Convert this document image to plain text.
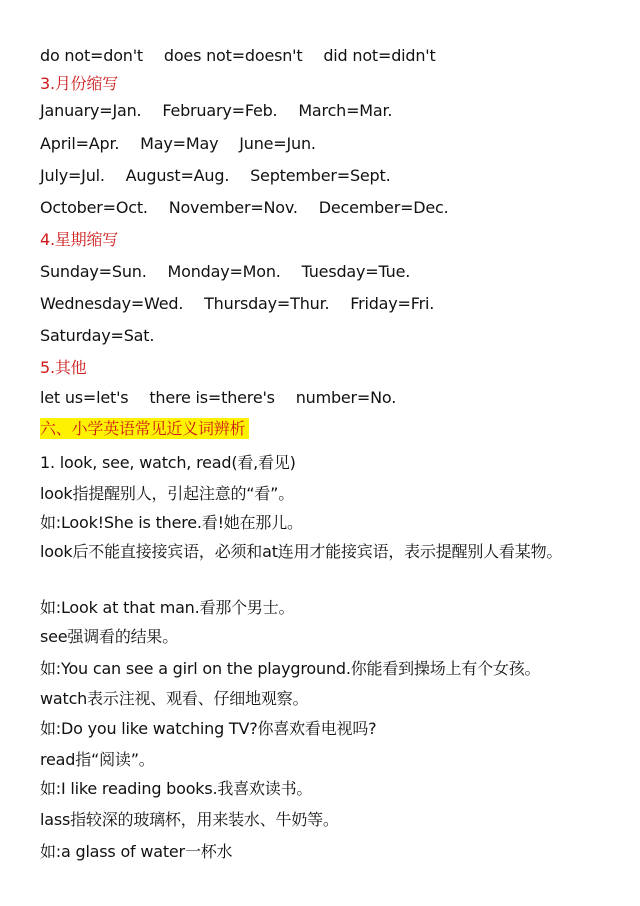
do not=don't does not=doesn't did not=didn't
3.月份缩写
January=Jan. February=Feb. March=Mar.
April=Apr. May=May June=Jun.
July=Jul. August=Aug. September=Sept.
October=Oct. November=Nov. December=Dec.
4.星期缩写
Sunday=Sun. Monday=Mon. Tuesday=Tue.
Wednesday=Wed. Thursday=Thur. Friday=Fri.
Saturday=Sat.
5.其他
let us=let's there is=there's number=No.
六、小学英语常见近义词辨析
1. look, see, watch, read(看,看见)
look指提醒别人，引起注意的“看”。
如:Look!She is there.看!她在那儿。
look后不能直接接宾语，必须和at连用才能接宾语，表示提醒别人看某物。
如:Look at that man.看那个男士。
see强调看的结果。
如:You can see a girl on the playground.你能看到操场上有个女孩。
watch表示注视、观看、仔细地观察。
如:Do you like watching TV?你喜欢看电视吗?
read指“阅读”。
如:I like reading books.我喜欢读书。
lass指较深的玻璃杯，用来装水、牛奶等。
如:a glass of water一杯水
